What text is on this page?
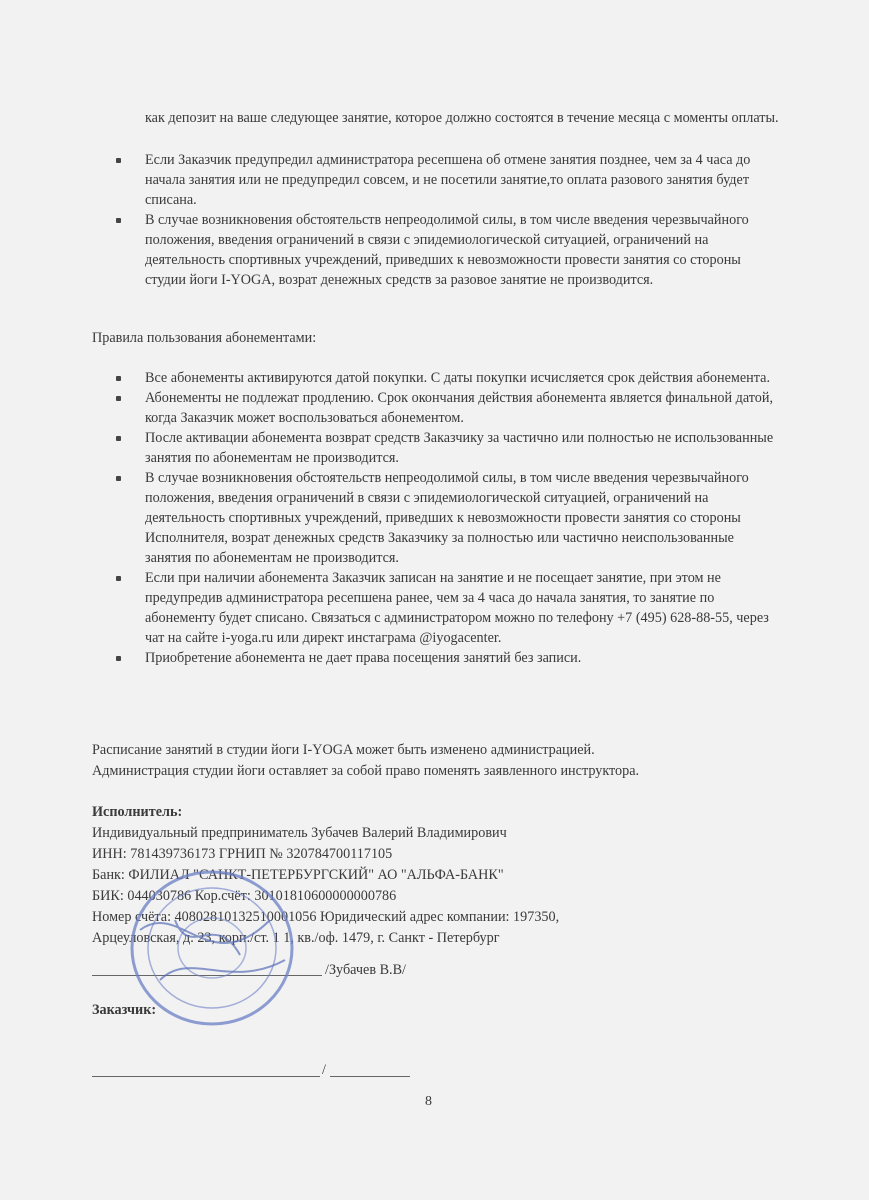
как депозит на ваше следующее занятие, которое должно состоятся в течение месяца с моменты оплаты.
Если Заказчик предупредил администратора ресепшена об отмене занятия позднее, чем за 4 часа до начала занятия или не предупредил совсем, и не посетили занятие,то оплата разового занятия будет списана.
В случае возникновения обстоятельств непреодолимой силы, в том числе введения черезвычайного положения, введения ограничений в связи с эпидемиологической ситуацией, ограничений на деятельность спортивных учреждений, приведших к невозможности провести занятия со стороны студии йоги I-YOGA, возрат денежных средств за разовое занятие не производится.
Правила пользования абонементами:
Все абонементы активируются датой покупки. С даты покупки исчисляется срок действия абонемента.
Абонементы не подлежат продлению. Срок окончания действия абонемента является финальной датой, когда Заказчик может воспользоваться абонементом.
После активации абонемента возврат средств Заказчику за частично или полностью не использованные занятия по абонементам не производится.
В случае возникновения обстоятельств непреодолимой силы, в том числе введения черезвычайного положения, введения ограничений в связи с эпидемиологической ситуацией, ограничений на деятельность спортивных учреждений, приведших к невозможности провести занятия со стороны Исполнителя, возрат денежных средств Заказчику за полностью или частично неиспользованные занятия по абонементам не производится.
Если при наличии абонемента Заказчик записан на занятие и не посещает занятие, при этом не предупредив администратора ресепшена ранее, чем за 4 часа до начала занятия, то занятие по абонементу будет списано. Связаться с администратором можно по телефону +7 (495) 628-88-55, через чат на сайте i-yoga.ru или директ инстаграма @iyogacenter.
Приобретение абонемента не дает права посещения занятий без записи.
Расписание занятий в студии йоги I-YOGA может быть изменено администрацией.
Администрация студии йоги оставляет за собой право поменять заявленного инструктора.
Исполнитель:
Индивидуальный предприниматель Зубачев Валерий Владимирович
ИНН: 781439736173 ГРНИП № 320784700117105
Банк: ФИЛИАЛ "САНКТ-ПЕТЕРБУРГСКИЙ" АО "АЛЬФА-БАНК"
БИК: 044030786 Кор.счёт: 30101810600000000786
Номер счёта: 40802810132510001056 Юридический адрес компании: 197350,
Арцеуловская, д. 23, корп./ст. 1 1, кв./оф. 1479, г. Санкт - Петербург
/Зубачев В.В/
Заказчик:
/
8
